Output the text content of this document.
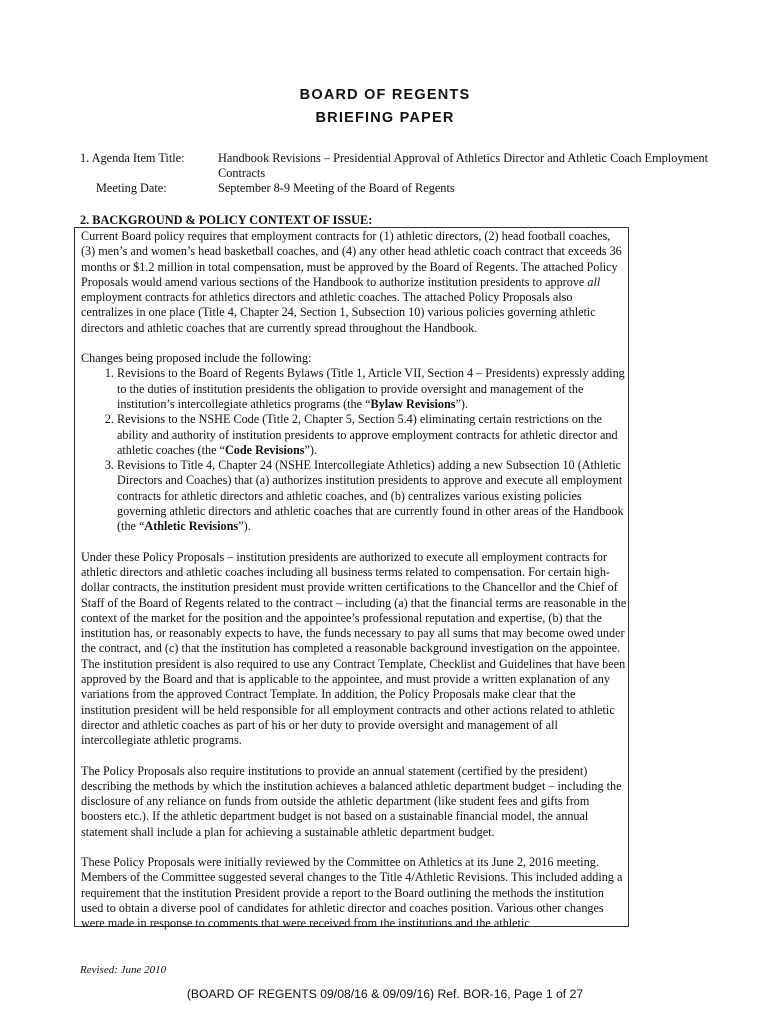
BOARD OF REGENTS
BRIEFING PAPER
1. Agenda Item Title:	Handbook Revisions – Presidential Approval of Athletics Director and Athletic Coach Employment Contracts
Meeting Date:	September 8-9 Meeting of the Board of Regents
2. BACKGROUND & POLICY CONTEXT OF ISSUE:

Current Board policy requires that employment contracts for (1) athletic directors, (2) head football coaches, (3) men’s and women’s head basketball coaches, and (4) any other head athletic coach contract that exceeds 36 months or $1.2 million in total compensation, must be approved by the Board of Regents. The attached Policy Proposals would amend various sections of the Handbook to authorize institution presidents to approve all employment contracts for athletics directors and athletic coaches. The attached Policy Proposals also centralizes in one place (Title 4, Chapter 24, Section 1, Subsection 10) various policies governing athletic directors and athletic coaches that are currently spread throughout the Handbook.

Changes being proposed include the following:

1. Revisions to the Board of Regents Bylaws (Title 1, Article VII, Section 4 – Presidents) expressly adding to the duties of institution presidents the obligation to provide oversight and management of the institution’s intercollegiate athletics programs (the “Bylaw Revisions”).
2. Revisions to the NSHE Code (Title 2, Chapter 5, Section 5.4) eliminating certain restrictions on the ability and authority of institution presidents to approve employment contracts for athletic director and athletic coaches (the “Code Revisions”).
3. Revisions to Title 4, Chapter 24 (NSHE Intercollegiate Athletics) adding a new Subsection 10 (Athletic Directors and Coaches) that (a) authorizes institution presidents to approve and execute all employment contracts for athletic directors and athletic coaches, and (b) centralizes various existing policies governing athletic directors and athletic coaches that are currently found in other areas of the Handbook (the “Athletic Revisions”).

Under these Policy Proposals – institution presidents are authorized to execute all employment contracts for athletic directors and athletic coaches including all business terms related to compensation. For certain high-dollar contracts, the institution president must provide written certifications to the Chancellor and the Chief of Staff of the Board of Regents related to the contract – including (a) that the financial terms are reasonable in the context of the market for the position and the appointee’s professional reputation and expertise, (b) that the institution has, or reasonably expects to have, the funds necessary to pay all sums that may become owed under the contract, and (c) that the institution has completed a reasonable background investigation on the appointee. The institution president is also required to use any Contract Template, Checklist and Guidelines that have been approved by the Board and that is applicable to the appointee, and must provide a written explanation of any variations from the approved Contract Template. In addition, the Policy Proposals make clear that the institution president will be held responsible for all employment contracts and other actions related to athletic director and athletic coaches as part of his or her duty to provide oversight and management of all intercollegiate athletic programs.

The Policy Proposals also require institutions to provide an annual statement (certified by the president) describing the methods by which the institution achieves a balanced athletic department budget – including the disclosure of any reliance on funds from outside the athletic department (like student fees and gifts from boosters etc.). If the athletic department budget is not based on a sustainable financial model, the annual statement shall include a plan for achieving a sustainable athletic department budget.

These Policy Proposals were initially reviewed by the Committee on Athletics at its June 2, 2016 meeting. Members of the Committee suggested several changes to the Title 4/Athletic Revisions. This included adding a requirement that the institution President provide a report to the Board outlining the methods the institution used to obtain a diverse pool of candidates for athletic director and coaches position. Various other changes were made in response to comments that were received from the institutions and the athletic

Revised: June 2010
(BOARD OF REGENTS 09/08/16 & 09/09/16) Ref. BOR-16, Page 1 of 27
